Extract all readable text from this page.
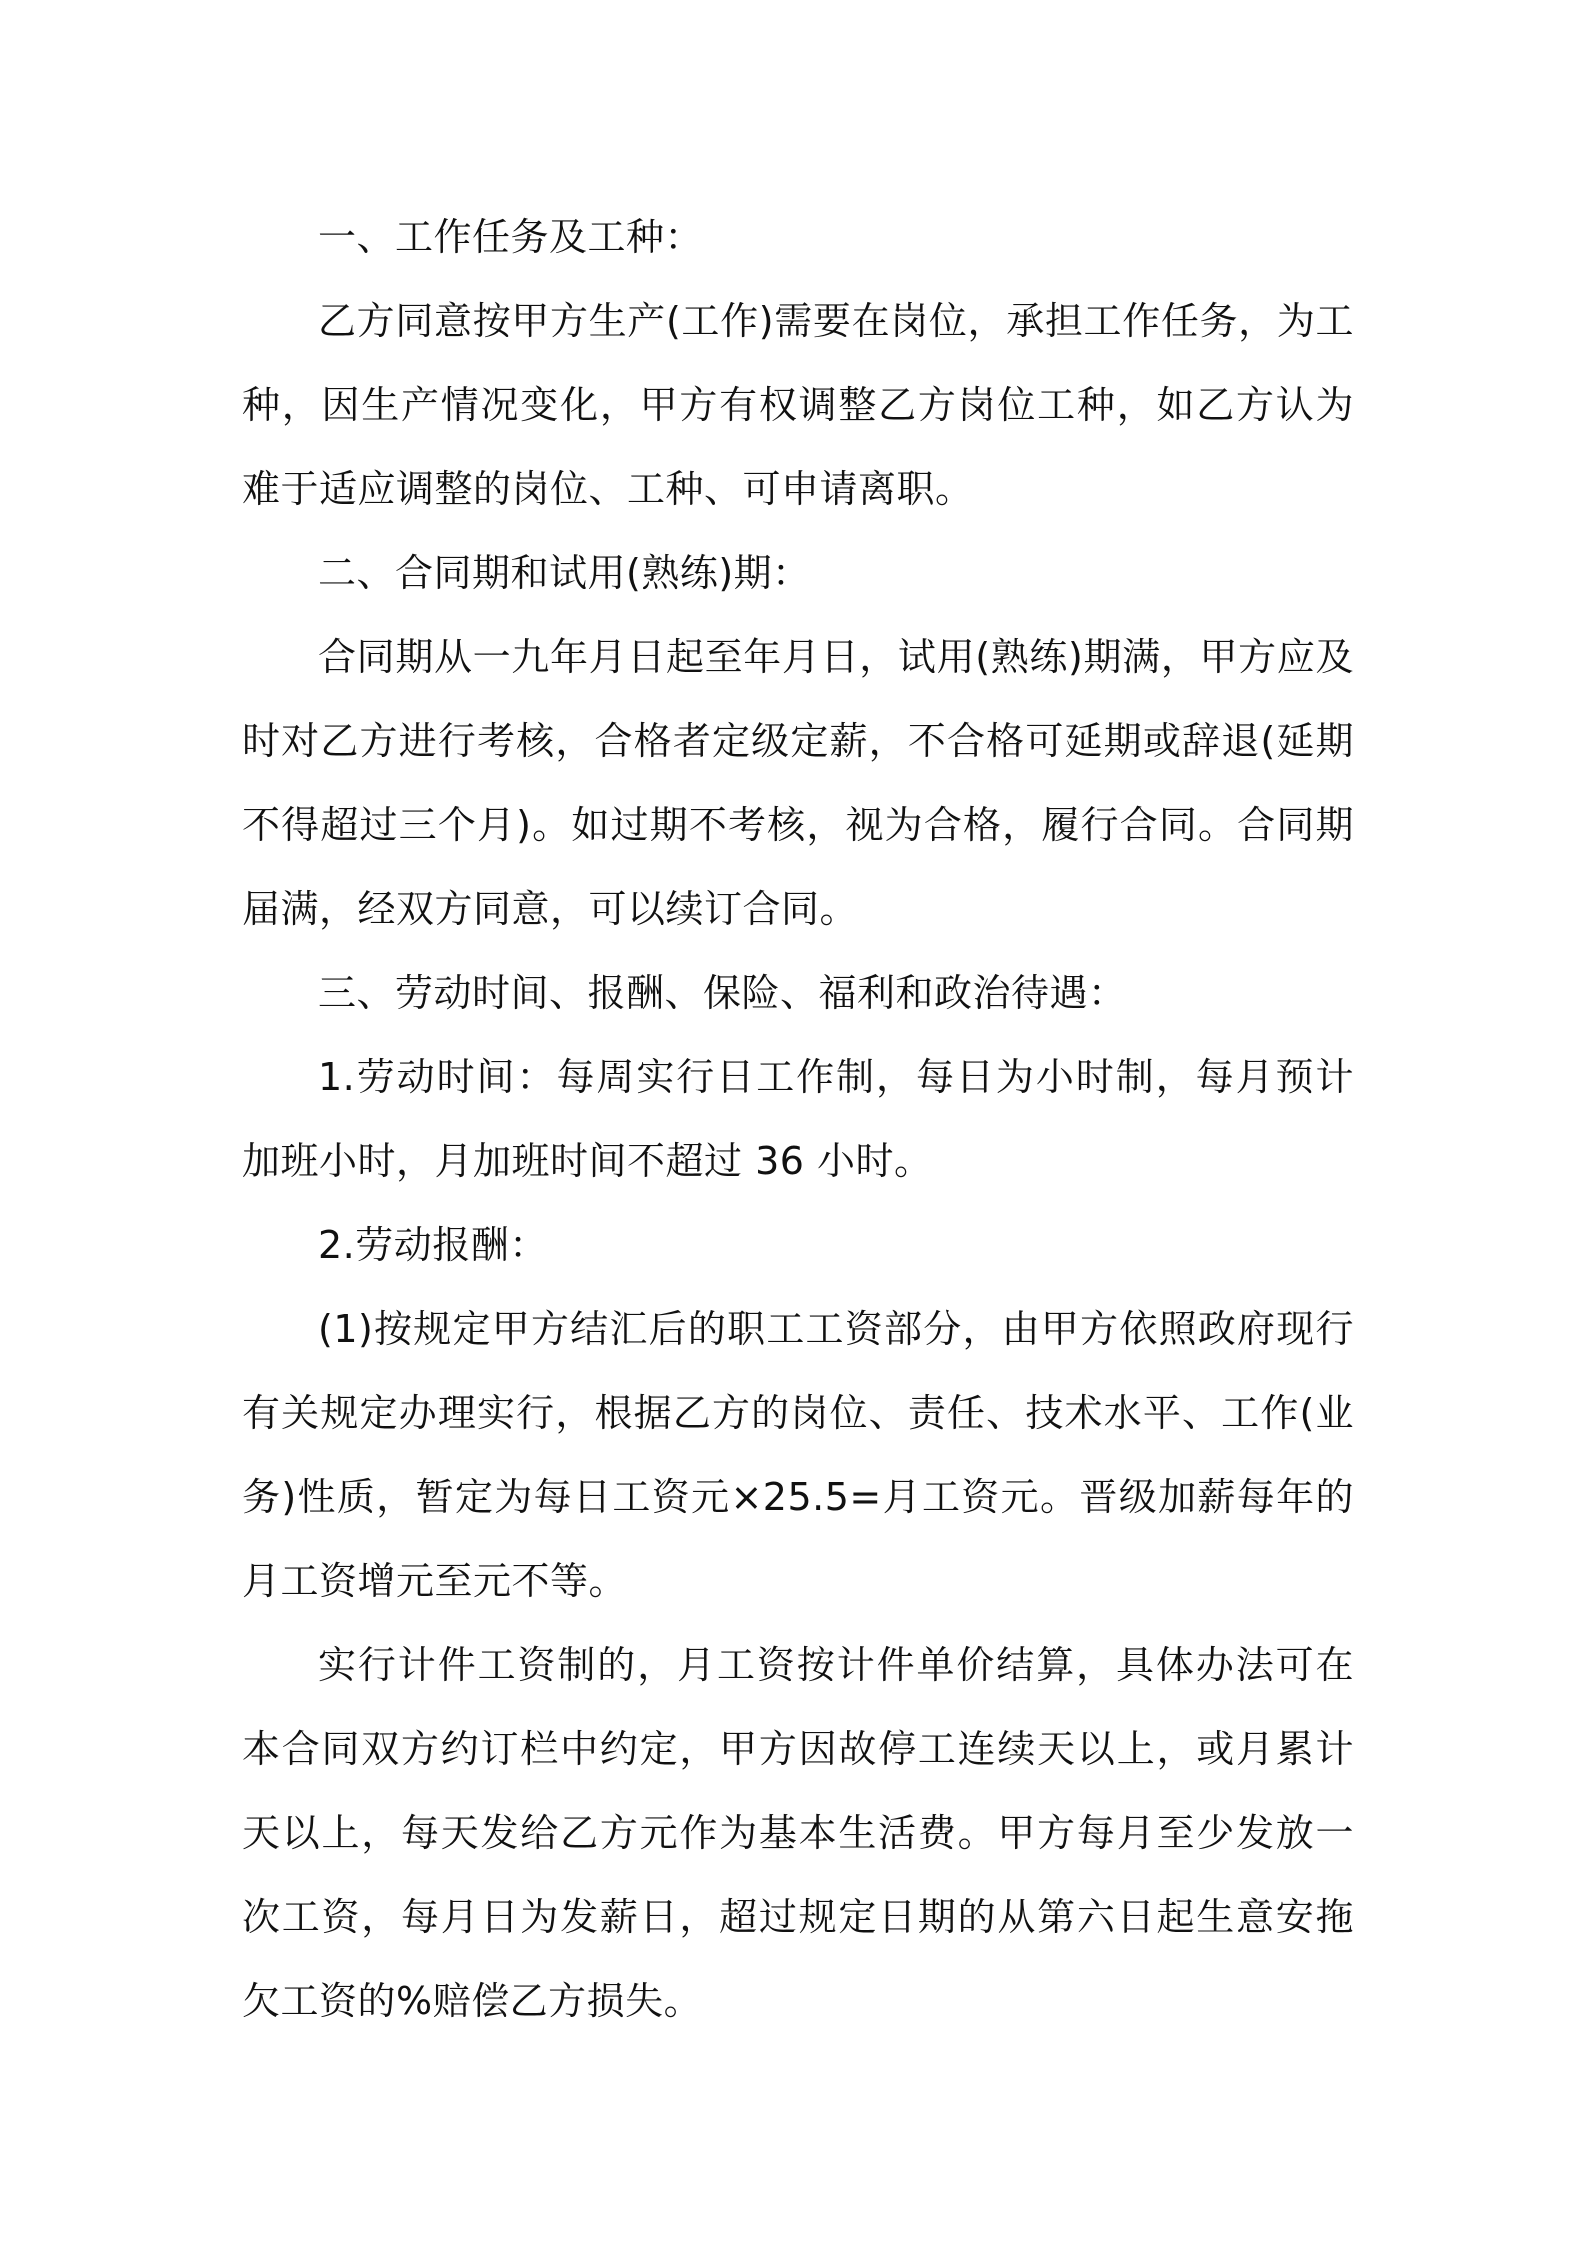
一、工作任务及工种：

乙方同意按甲方生产(工作)需要在岗位，承担工作任务，为工种，因生产情况变化，甲方有权调整乙方岗位工种，如乙方认为难于适应调整的岗位、工种、可申请离职。

二、合同期和试用(熟练)期：

合同期从一九年月日起至年月日，试用(熟练)期满，甲方应及时对乙方进行考核，合格者定级定薪，不合格可延期或辞退(延期不得超过三个月)。如过期不考核，视为合格，履行合同。合同期届满，经双方同意，可以续订合同。

三、劳动时间、报酬、保险、福利和政治待遇：

1.劳动时间：每周实行日工作制，每日为小时制，每月预计加班小时，月加班时间不超过 36 小时。

2.劳动报酬：

(1)按规定甲方结汇后的职工工资部分，由甲方依照政府现行有关规定办理实行，根据乙方的岗位、责任、技术水平、工作(业务)性质，暂定为每日工资元×25.5=月工资元。晋级加薪每年的月工资增元至元不等。

实行计件工资制的，月工资按计件单价结算，具体办法可在本合同双方约订栏中约定，甲方因故停工连续天以上，或月累计天以上，每天发给乙方元作为基本生活费。甲方每月至少发放一次工资，每月日为发薪日，超过规定日期的从第六日起生意安拖欠工资的%赔偿乙方损失。
